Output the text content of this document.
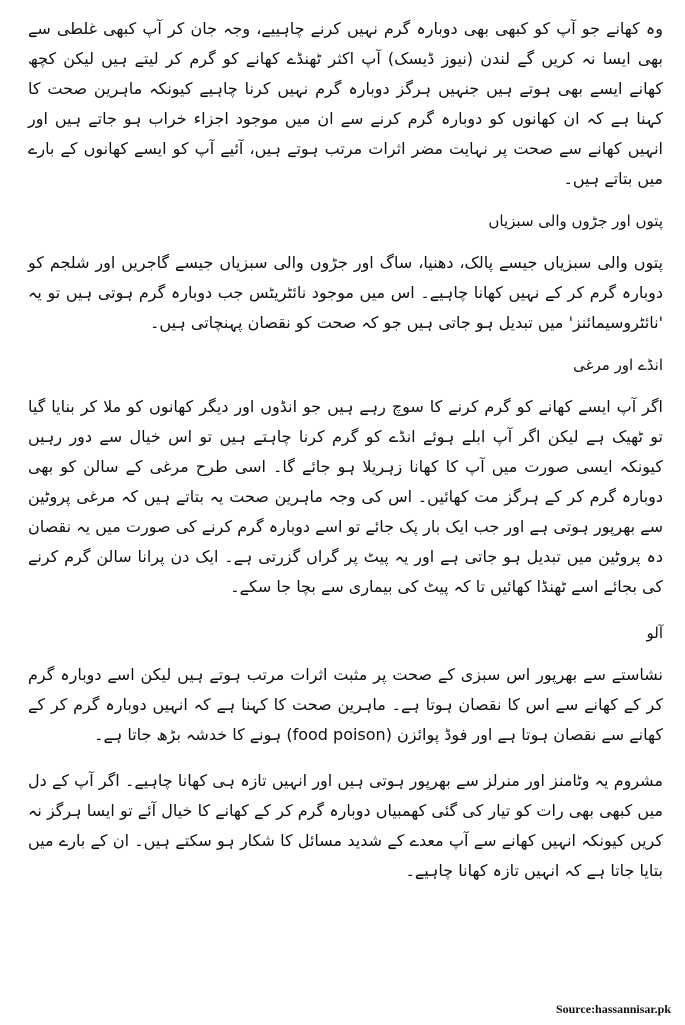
وہ کھانے جو آپ کو کبھی بھی دوبارہ گرم نہیں کرنے چاہییے، وجہ جان کر آپ کبھی غلطی سے بھی ایسا نہ کریں گے لندن (نیوز ڈیسک) آپ اکثر ٹھنڈے کھانے کو گرم کر لیتے ہیں لیکن کچھ کھانے ایسے بھی ہوتے ہیں جنہیں ہرگز دوبارہ گرم نہیں کرنا چاہیے کیونکہ ماہرین صحت کا کہنا ہے کہ ان کھانوں کو دوبارہ گرم کرنے سے ان میں موجود اجزاء خراب ہو جاتے ہیں اور انہیں کھانے سے صحت پر نہایت مضر اثرات مرتب ہوتے ہیں، آئیے آپ کو ایسے کھانوں کے بارے میں بتاتے ہیں۔

پتوں اور جڑوں والی سبزیاں

پتوں والی سبزیاں جیسے پالک، دھنیا، ساگ اور جڑوں والی سبزیاں جیسے گاجریں اور شلجم کو دوبارہ گرم کر کے نہیں کھانا چاہیے۔ اس میں موجود نائٹریٹس جب دوبارہ گرم ہوتی ہیں تو یہ 'نائٹروسیمائنز' میں تبدیل ہو جاتی ہیں جو کہ صحت کو نقصان پہنچاتی ہیں۔

انڈے اور مرغی

اگر آپ ایسے کھانے کو گرم کرنے کا سوچ رہے ہیں جو انڈوں اور دیگر کھانوں کو ملا کر بنایا گیا تو ٹھیک ہے لیکن اگر آپ ابلے ہوئے انڈے کو گرم کرنا چاہتے ہیں تو اس خیال سے دور رہیں کیونکہ ایسی صورت میں آپ کا کھانا زہریلا ہو جائے گا۔ اسی طرح مرغی کے سالن کو بھی دوبارہ گرم کر کے ہرگز مت کھائیں۔ اس کی وجہ ماہرین صحت یہ بتاتے ہیں کہ مرغی پروٹین سے بھرپور ہوتی ہے اور جب ایک بار پک جائے تو اسے دوبارہ گرم کرنے کی صورت میں یہ نقصان دہ پروٹین میں تبدیل ہو جاتی ہے اور یہ پیٹ پر گراں گزرتی ہے۔ ایک دن پرانا سالن گرم کرنے کی بجائے اسے ٹھنڈا کھائیں تا کہ پیٹ کی بیماری سے بچا جا سکے۔

آلو

نشاستے سے بھرپور اس سبزی کے صحت پر مثبت اثرات مرتب ہوتے ہیں لیکن اسے دوبارہ گرم کر کے کھانے سے اس کا نقصان ہوتا ہے۔ ماہرین صحت کا کہنا ہے کہ انہیں دوبارہ گرم کر کے کھانے سے نقصان ہوتا ہے اور فوڈ پوائزن (food poison) ہونے کا خدشہ بڑھ جاتا ہے۔

مشروم یہ وٹامنز اور منرلز سے بھرپور ہوتی ہیں اور انہیں تازہ ہی کھانا چاہیے۔ اگر آپ کے دل میں کبھی بھی رات کو تیار کی گئی کھمبیاں دوبارہ گرم کر کے کھانے کا خیال آئے تو ایسا ہرگز نہ کریں کیونکہ انہیں کھانے سے آپ معدے کے شدید مسائل کا شکار ہو سکتے ہیں۔ ان کے بارے میں بتایا جاتا ہے کہ انہیں تازہ کھانا چاہیے۔

Source:hassannisar.pk
